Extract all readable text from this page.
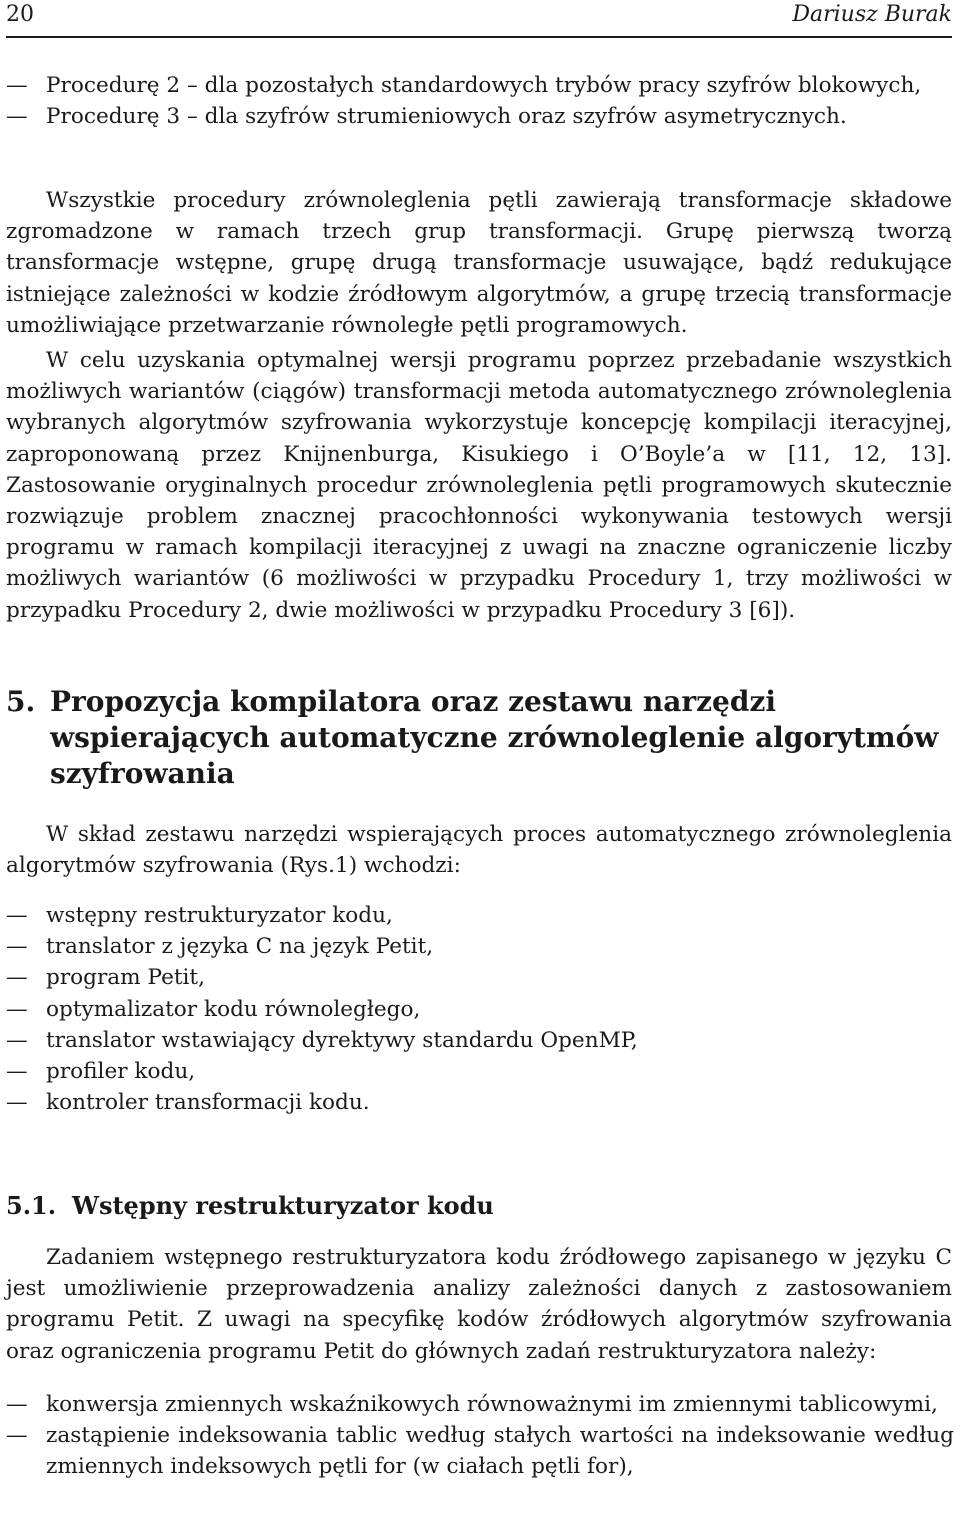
20	Dariusz Burak
— Procedurę 2 – dla pozostałych standardowych trybów pracy szyfrów blokowych,
— Procedurę 3 – dla szyfrów strumieniowych oraz szyfrów asymetrycznych.

Wszystkie procedury zrównoleglenia pętli zawierają transformacje składowe zgromadzone w ramach trzech grup transformacji. Grupę pierwszą tworzą transformacje wstępne, grupę drugą transformacje usuwające, bądź redukujące istniejące zależności w kodzie źródłowym algorytmów, a grupę trzecią transformacje umożliwiające przetwarzanie równoległe pętli programowych.

W celu uzyskania optymalnej wersji programu poprzez przebadanie wszystkich możliwych wariantów (ciągów) transformacji metoda automatycznego zrównoleglenia wybranych algorytmów szyfrowania wykorzystuje koncepcję kompilacji iteracyjnej, zaproponowaną przez Knijnenburga, Kisukiego i O’Boyle’a w [11, 12, 13]. Zastosowanie oryginalnych procedur zrównoleglenia pętli programowych skutecznie rozwiązuje problem znacznej pracochłonności wykonywania testowych wersji programu w ramach kompilacji iteracyjnej z uwagi na znaczne ograniczenie liczby możliwych wariantów (6 możliwości w przypadku Procedury 1, trzy możliwości w przypadku Procedury 2, dwie możliwości w przypadku Procedury 3 [6]).

5. Propozycja kompilatora oraz zestawu narzędzi wspierających automatyczne zrównoleglenie algorytmów szyfrowania

W skład zestawu narzędzi wspierających proces automatycznego zrównoleglenia algorytmów szyfrowania (Rys.1) wchodzi:

— wstępny restrukturyzator kodu,
— translator z języka C na język Petit,
— program Petit,
— optymalizator kodu równoległego,
— translator wstawiający dyrektywy standardu OpenMP,
— profiler kodu,
— kontroler transformacji kodu.
5.1. Wstępny restrukturyzator kodu

Zadaniem wstępnego restrukturyzatora kodu źródłowego zapisanego w języku C jest umożliwienie przeprowadzenia analizy zależności danych z zastosowaniem programu Petit. Z uwagi na specyfikę kodów źródłowych algorytmów szyfrowania oraz ograniczenia programu Petit do głównych zadań restrukturyzatora należy:

— konwersja zmiennych wskaźnikowych równoważnymi im zmiennymi tablicowymi,
— zastąpienie indeksowania tablic według stałych wartości na indeksowanie według zmiennych indeksowych pętli for (w ciałach pętli for),
